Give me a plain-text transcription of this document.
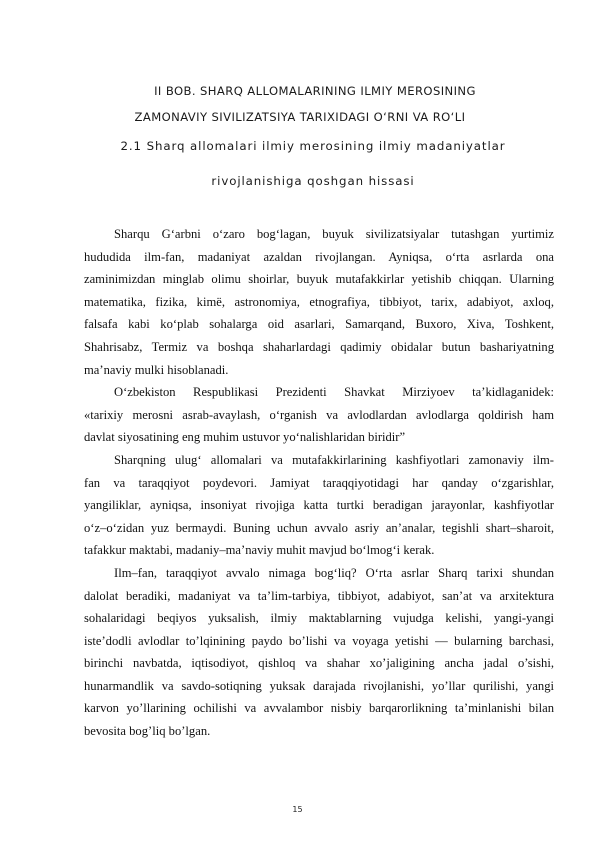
II BOB. SHARQ ALLOMALARINING ILMIY MEROSINING
ZAMONAVIY SIVILIZATSIYA TARIXIDAGI O‘RNI VA RO‘LI
2.1 Sharq allomalari ilmiy merosining ilmiy madaniyatlar
rivojlanishiga qoshgan hissasi
Sharqu G‘arbni o‘zaro bog‘lagan, buyuk sivilizatsiyalar tutashgan yurtimiz
hududida ilm-fan, madaniyat azaldan rivojlangan. Ayniqsa, o‘rta asrlarda ona
zaminimizdan minglab olimu shoirlar, buyuk mutafakkirlar yetishib chiqqan. Ularning
matematika, fizika, kimë, astronomiya, etnografiya, tibbiyot, tarix, adabiyot, axloq,
falsafa kabi ko‘plab sohalarga oid asarlari, Samarqand, Buxoro, Xiva, Toshkent,
Shahrisabz, Termiz va boshqa shaharlardagi qadimiy obidalar butun bashariyatning
ma’naviy mulki hisoblanadi.
O‘zbekiston Respublikasi Prezidenti Shavkat Mirziyoev ta’kidlaganidek:
«tarixiy merosni asrab-avaylash, o‘rganish va avlodlardan avlodlarga qoldirish ham
davlat siyosatining eng muhim ustuvor yo‘nalishlaridan biridir”
Sharqning ulug‘ allomalari va mutafakkirlarining kashfiyotlari zamonaviy ilm-
fan va taraqqiyot poydevori. Jamiyat taraqqiyotidagi har qanday o‘zgarishlar,
yangiliklar, ayniqsa, insoniyat rivojiga katta turtki beradigan jarayonlar, kashfiyotlar
o‘z–o‘zidan yuz bermaydi. Buning uchun avvalo asriy an’analar, tegishli shart–sharoit,
tafakkur maktabi, madaniy–ma’naviy muhit mavjud bo‘lmog‘i kerak.
Ilm–fan, taraqqiyot avvalo nimaga bog‘liq? O‘rta asrlar Sharq tarixi shundan
dalolat beradiki, madaniyat va ta’lim-tarbiya, tibbiyot, adabiyot, san’at va arxitektura
sohalaridagi beqiyos yuksalish, ilmiy maktablarning vujudga kelishi, yangi-yangi
iste’dodli avlodlar to’lqinining paydo bo’lishi va voyaga yetishi — bularning barchasi,
birinchi navbatda, iqtisodiyot, qishloq va shahar xo’jaligining ancha jadal o’sishi,
hunarmandlik va savdo-sotiqning yuksak darajada rivojlanishi, yo’llar qurilishi, yangi
karvon yo’llarining ochilishi va avvalambor nisbiy barqarorlikning ta’minlanishi bilan
bevosita bog’liq bo’lgan.
15
